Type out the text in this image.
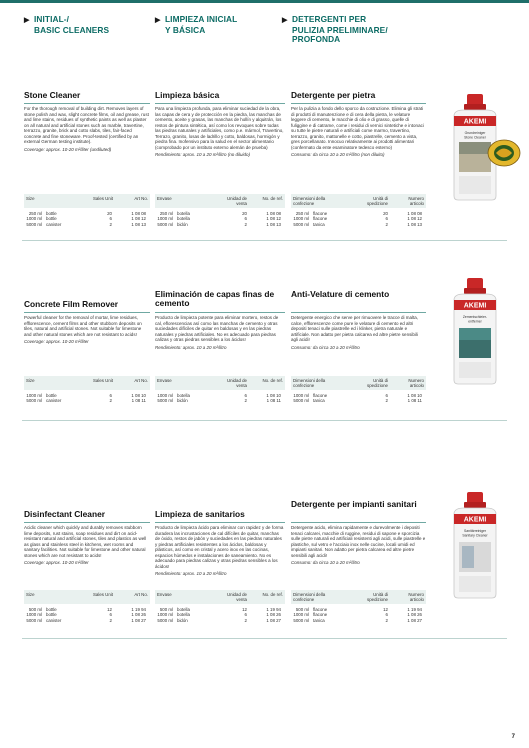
▶ INITIAL-/
BASIC CLEANERS
▶ LIMPIEZA INICIAL
Y BÁSICA
▶ DETERGENTI PER
PULIZIA PRELIMINARE/
PROFONDA
Stone Cleaner	Limpieza básica	Detergente per pietra

For the thorough removal of building dirt. Removes layers of stone polish and wax, slight concrete films, oil and grease, rust and lime stains, residues of synthetic paints as well as plaster on all natural and artificial stones such as marble, travertine, terrazzo, granite, brick and cotto slabs, tiles, fair-faced concrete and fine stoneware. Proof-tested (certified by an external German testing institute).

Coverage: approx. 10-20 m²/liter (undiluted)

Para una limpieza profunda, para eliminar suciedad de la obra, las capas de cera y de protección en la piedra, las manchas de cemento, aceite y grasas, las manchas de hollín y alquitrán, los restos de pintura sintética, así como los revoques sobre todas las piedras naturales y artificiales, como p.e. mármol, Travertino, Terrazo, granito, losas de ladrillo y cotto, baldosas, hormigón y piedra fina. Inofensivo para la salud en el sector alimentario (comprobado por un instituto externo alemán de prueba)

Rendimiento: aprox. 10 a 20 m²/litro (no diluido)

Per la pulizia a fondo dello sporco da costruzione. Elimina gli strati di prodotti di manutenzione e di cera della pietra, le velature leggere di cemento, le macchie di olio e di grasso, quelle di fuliggine e di catrame, come i residui di vernici sintetiche e intonaci su tutte le pietre naturali e artificiali come marmo, travertino, terrazzo, granito, mattonelle e cotto, piastrelle, cemento a vista, gres porcellanato. Innocuo relativamente ai prodotti alimentari (confermato da ente esaminatore tedesco esterno)

Consumo: da circa 10 a 20 m²/litro (non diluito)

AKEMI
Grundreiniger
Stone Cleaner
Size	Sales Unit	Art No.
250 ml bottle	20	1 08 08
1000 ml bottle	6	1 08 12
5000 ml canister	2	1 08 13
Envase	Unidad de venta
No. de ref.
250 ml botella	20	1 08 08
1000 ml botella	6	1 08 12
5000 ml bidón	2	1 08 13
Dimensioni della confezione
Unità di spedizione
Numero articolo
250 ml flacone	20	1 08 08
1000 ml flacone	6	1 08 12
5000 ml tanica	2	1 08 13
Concrete Film Remover
Eliminación de capas finas de cemento
Anti-Velature di cemento

Powerful cleaner for the removal of mortar, lime residues, efflorescence, cement films and other stubborn deposits on tiles, natural and artificial stones. Not suitable for limestone and other natural stones which are not resistant to acids!

Coverage: approx. 10-20 m²/liter

Producto de limpieza potente para eliminar mortero, restos de cal, eflorescencias así como las manchas de cemento y otras suciedades difíciles de quitar en baldosas y en las piedras naturales y piedras artificiales. No es adecuado para piedras calizas y otras piedras sensibles a los ácidos!

Rendimiento: aprox. 10 a 20 m²/litro

Detergente energico che serve per rimuovere le tracce di malta, calce, efflorescenze come pure le velature di cemento ed altri depositi tenaci sulle piastrelle ed i klinker, pietra naturale e artificiale. Non adatto per pietra calcarea ed altre pietre sensibili agli acidi!

Consumo: da circa 10 a 20 m²/litro

AKEMI
Zementschleier-
entferner
Size	Sales Unit	Art No.
1000 ml bottle	6	1 08 10
5000 ml canister	2	1 08 11
Envase	Unidad de venta
No. de ref.
1000 ml botella	6	1 08 10
5000 ml bidón	2	1 08 11
Dimensioni della confezione
Unità di spedizione
Numero articolo
1000 ml flacone	6	1 08 10
5000 ml tanica	2	1 08 11
Disinfectant Cleaner	Limpieza de sanitarios
Detergente per impianti sanitari

Acidic cleaner which quickly and durably removes stubborn lime deposits, rust stains, soap residues and dirt on acid-resistant natural and artificial stones, tiles and plastics as well as glass and stainless steel in kitchens, wet rooms and sanitary facilities. Not suitable for limestone and other natural stones which are not resistant to acids!

Coverage: approx. 10-20 m²/liter

Producto de limpieza ácido para eliminar con rapidez y de forma duradera las incrustaciones de cal difíciles de quitar, manchas de óxido, restos de jabón y suciedades en las piedras naturales y piedras artificiales resistentes a los ácidos, baldosas y plásticos, así como en cristal y acero inox en las cocinas, espacios húmedos e instalaciones de saneamiento. No es adecuado para piedras calizas y otras piedras sensibles a los ácidos!

Rendimiento: aprox. 10 a 20 m²/litro

Detergente acido, elimina rapidamente e durevolmente i depositi tenaci calcarei, macchie di ruggine, residui di sapone e sporcizia sulle pietre naturali ed artificiali resistenti agli acidi, sulle piastrelle e plastiche, sul vetro e l'acciaio inox nelle cucine, locali umidi ed impianti sanitari. Non adatto per pietra calcarea ed altre pietre sensibili agli acidi!

Consumo: da circa 10 a 20 m²/litro

AKEMI
Sanitärreiniger
Sanitary Cleaner
Size	Sales Unit	Art No.
500 ml bottle	12	1 19 94
1000 ml bottle	6	1 08 26
5000 ml canister	2	1 08 27
Envase	Unidad de venta
No. de ref.
500 ml botella	12	1 19 94
1000 ml botella	6	1 08 26
5000 ml bidón	2	1 08 27
Dimensioni della confezione
Unità di spedizione
Numero articolo
500 ml flacone	12	1 19 94
1000 ml flacone	6	1 08 26
5000 ml tanica	2	1 08 27
7
